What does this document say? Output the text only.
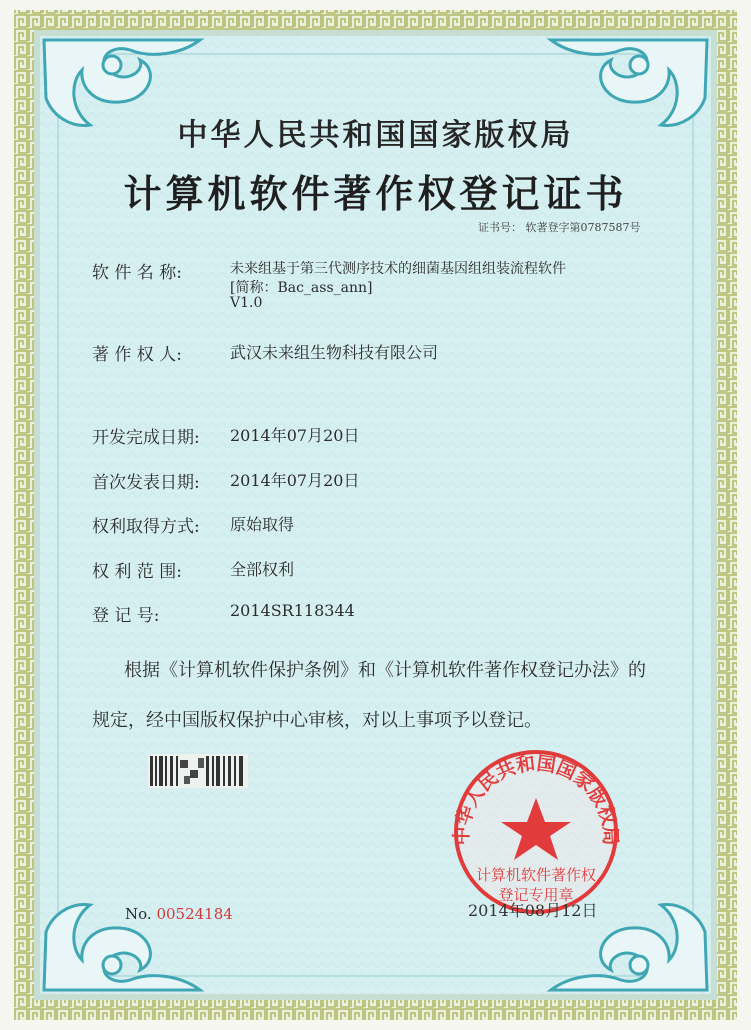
中华人民共和国国家版权局
计算机软件著作权
登记专用章
中华人民共和国国家版权局
计算机软件著作权登记证书
证书号： 软著登字第0787587号
软 件 名 称:	未来组基于第三代测序技术的细菌基因组组装流程软件
[简称：Bac_ass_ann]
V1.0
著 作 权 人:	武汉未来组生物科技有限公司
开发完成日期: 2014年07月20日
首次发表日期: 2014年07月20日
权利取得方式: 原始取得
权 利 范 围:	全部权利
登 记 号:	2014SR118344
根据《计算机软件保护条例》和《计算机软件著作权登记办法》的
规定，经中国版权保护中心审核，对以上事项予以登记。
No. 00524184	2014年08月12日
